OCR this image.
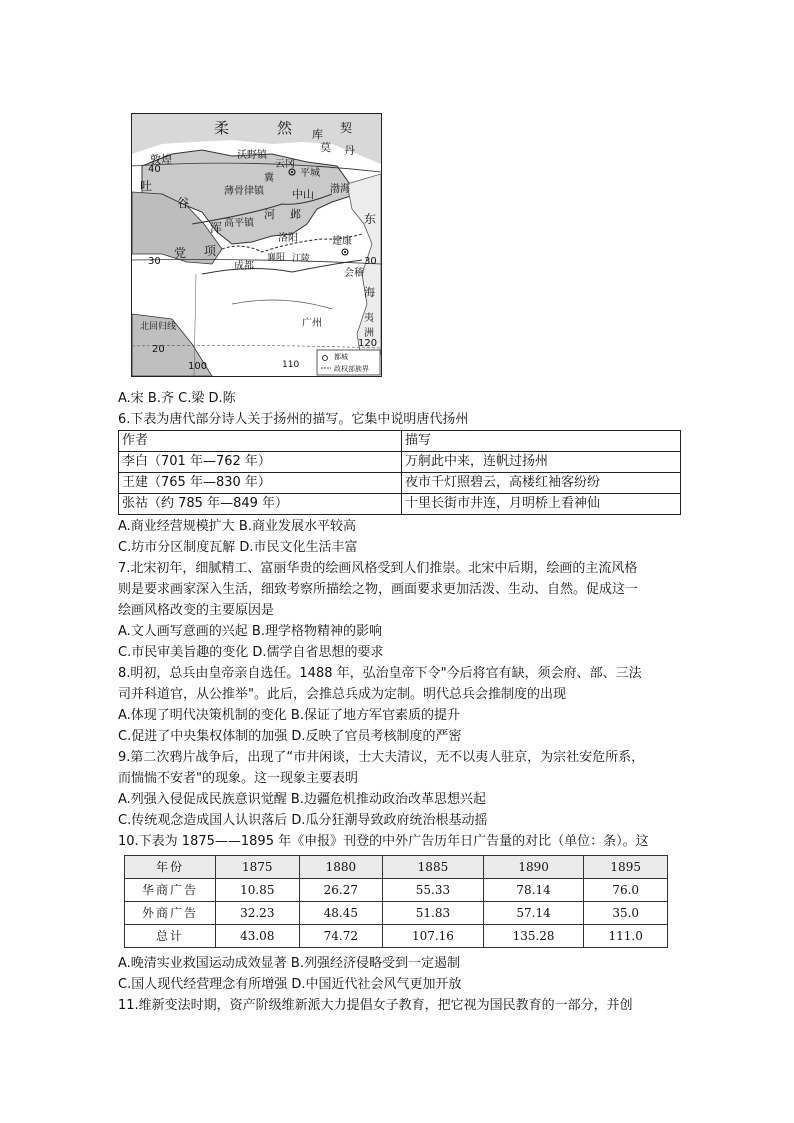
柔	然 库 契
莫 丹
敦煌	沃野镇
云冈
平城
吐
谷
薄骨律镇
冀
中山 渤海
高平镇
河 邺	东
浑
洛阳	建康
党 项
成都
襄阳 江陵
会稽
海
广州	夷
洲
北回归线
40
30	30
20
100	110
120
都城
政权部族界
A.宋 B.齐 C.梁 D.陈
6.下表为唐代部分诗人关于扬州的描写。它集中说明唐代扬州
作者	描写
李白（701 年—762 年）	万舸此中来，连帆过扬州
王建（765 年—830 年）	夜市千灯照碧云，高楼红袖客纷纷
张祜（约 785 年—849 年）	十里长街市井连，月明桥上看神仙
A.商业经营规模扩大 B.商业发展水平较高
C.坊市分区制度瓦解 D.市民文化生活丰富
7.北宋初年，细腻精工、富丽华贵的绘画风格受到人们推崇。北宋中后期，绘画的主流风格
则是要求画家深入生活，细致考察所描绘之物，画面要求更加活泼、生动、自然。促成这一
绘画风格改变的主要原因是
A.文人画写意画的兴起 B.理学格物精神的影响
C.市民审美旨趣的变化 D.儒学自省思想的要求
8.明初，总兵由皇帝亲自选任。1488 年，弘治皇帝下令"今后将官有缺，须会府、部、三法
司并科道官，从公推举"。此后，会推总兵成为定制。明代总兵会推制度的出现
A.体现了明代决策机制的变化 B.保证了地方军官素质的提升
C.促进了中央集权体制的加强 D.反映了官员考核制度的严密
9.第二次鸦片战争后，出现了“市井闲谈，士大夫清议，无不以夷人驻京，为宗社安危所系，
而惴惴不安者"的现象。这一现象主要表明
A.列强入侵促成民族意识觉醒 B.边疆危机推动政治改革思想兴起
C.传统观念造成国人认识落后 D.瓜分狂潮导致政府统治根基动摇
10.下表为 1875——1895 年《申报》刊登的中外广告历年日广告量的对比（单位：条）。这
年份	1875	1880	1885	1890	1895
华商广告	10.85	26.27	55.33	78.14	76.0
外商广告	32.23	48.45	51.83	57.14	35.0
总计	43.08	74.72	107.16	135.28	111.0
A.晚清实业救国运动成效显著 B.列强经济侵略受到一定遏制
C.国人现代经营理念有所增强 D.中国近代社会风气更加开放
11.维新变法时期，资产阶级维新派大力提倡女子教育，把它视为国民教育的一部分，并创
